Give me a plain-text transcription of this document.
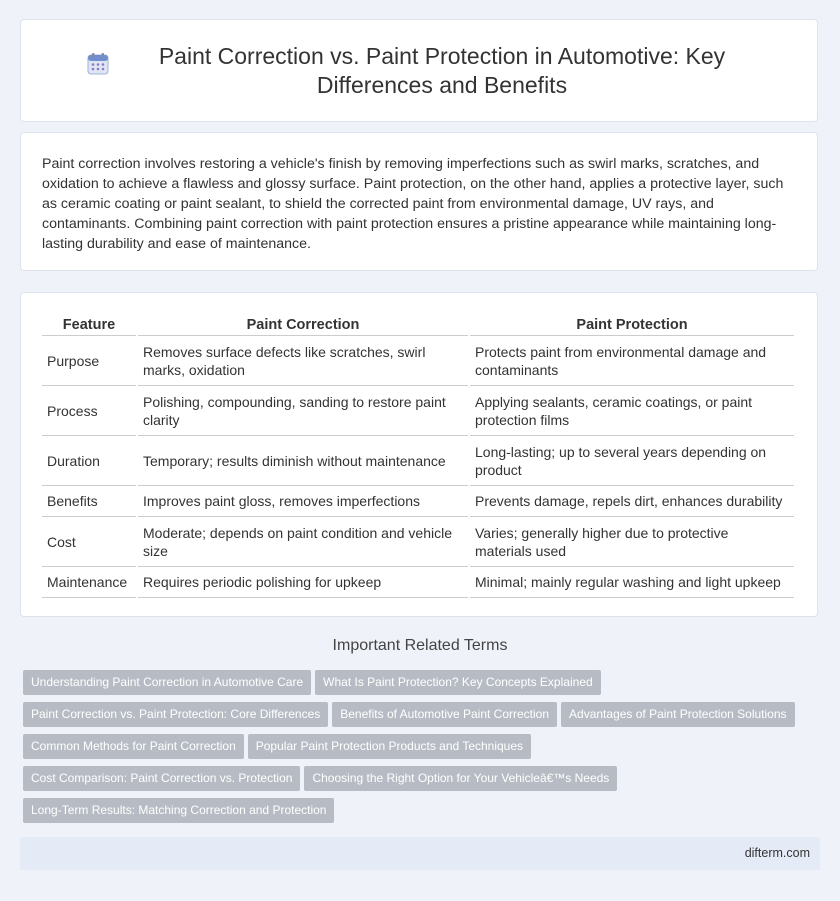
Paint Correction vs. Paint Protection in Automotive: Key Differences and Benefits

Paint correction involves restoring a vehicle's finish by removing imperfections such as swirl marks, scratches, and oxidation to achieve a flawless and glossy surface. Paint protection, on the other hand, applies a protective layer, such as ceramic coating or paint sealant, to shield the corrected paint from environmental damage, UV rays, and contaminants. Combining paint correction with paint protection ensures a pristine appearance while maintaining long-lasting durability and ease of maintenance.

Feature	Paint Correction	Paint Protection
Purpose	Removes surface defects like scratches, swirl marks, oxidation	Protects paint from environmental damage and contaminants
Process	Polishing, compounding, sanding to restore paint clarity	Applying sealants, ceramic coatings, or paint protection films
Duration	Temporary; results diminish without maintenance	Long-lasting; up to several years depending on product
Benefits	Improves paint gloss, removes imperfections	Prevents damage, repels dirt, enhances durability
Cost	Moderate; depends on paint condition and vehicle size	Varies; generally higher due to protective materials used
Maintenance	Requires periodic polishing for upkeep	Minimal; mainly regular washing and light upkeep
Important Related Terms
Understanding Paint Correction in Automotive Care What Is Paint Protection? Key Concepts Explained
Paint Correction vs. Paint Protection: Core Differences Benefits of Automotive Paint Correction Advantages of Paint Protection Solutions
Common Methods for Paint Correction Popular Paint Protection Products and Techniques
Cost Comparison: Paint Correction vs. Protection Choosing the Right Option for Your Vehicleâ€™s Needs
Long-Term Results: Matching Correction and Protection
difterm.com
